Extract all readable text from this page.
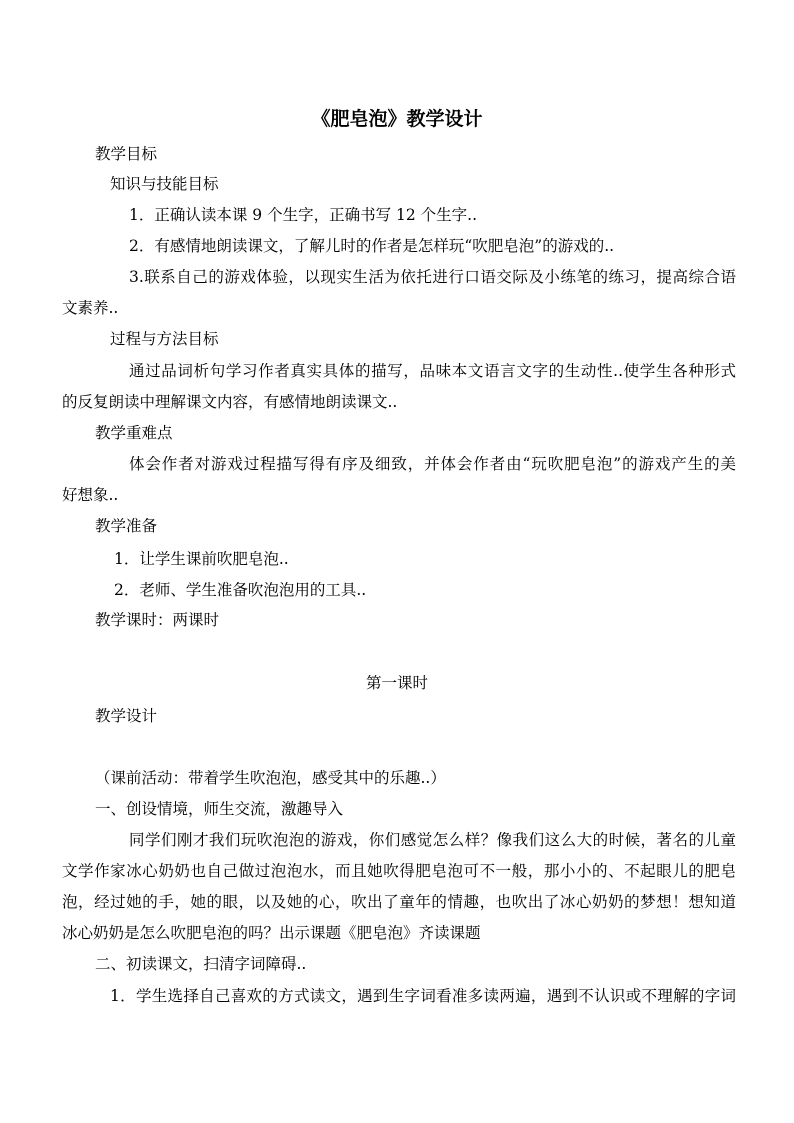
《肥皂泡》教学设计
教学目标
知识与技能目标
1．正确认读本课 9 个生字，正确书写 12 个生字..
2．有感情地朗读课文，了解儿时的作者是怎样玩“吹肥皂泡”的游戏的..
3.联系自己的游戏体验，以现实生活为依托进行口语交际及小练笔的练习，提高综合语
文素养..
过程与方法目标
通过品词析句学习作者真实具体的描写，品味本文语言文字的生动性..使学生各种形式
的反复朗读中理解课文内容，有感情地朗读课文..
教学重难点
体会作者对游戏过程描写得有序及细致，并体会作者由“玩吹肥皂泡”的游戏产生的美
好想象..
教学准备
1．让学生课前吹肥皂泡..
2．老师、学生准备吹泡泡用的工具..
教学课时：两课时
第一课时
教学设计
（课前活动：带着学生吹泡泡，感受其中的乐趣..）
一、创设情境，师生交流，激趣导入
同学们刚才我们玩吹泡泡的游戏，你们感觉怎么样？像我们这么大的时候，著名的儿童
文学作家冰心奶奶也自己做过泡泡水，而且她吹得肥皂泡可不一般，那小小的、不起眼儿的肥皂
泡，经过她的手，她的眼，以及她的心，吹出了童年的情趣，也吹出了冰心奶奶的梦想！想知道
冰心奶奶是怎么吹肥皂泡的吗？出示课题《肥皂泡》齐读课题
二、初读课文，扫清字词障碍..
1．学生选择自己喜欢的方式读文，遇到生字词看准多读两遍，遇到不认识或不理解的字词
